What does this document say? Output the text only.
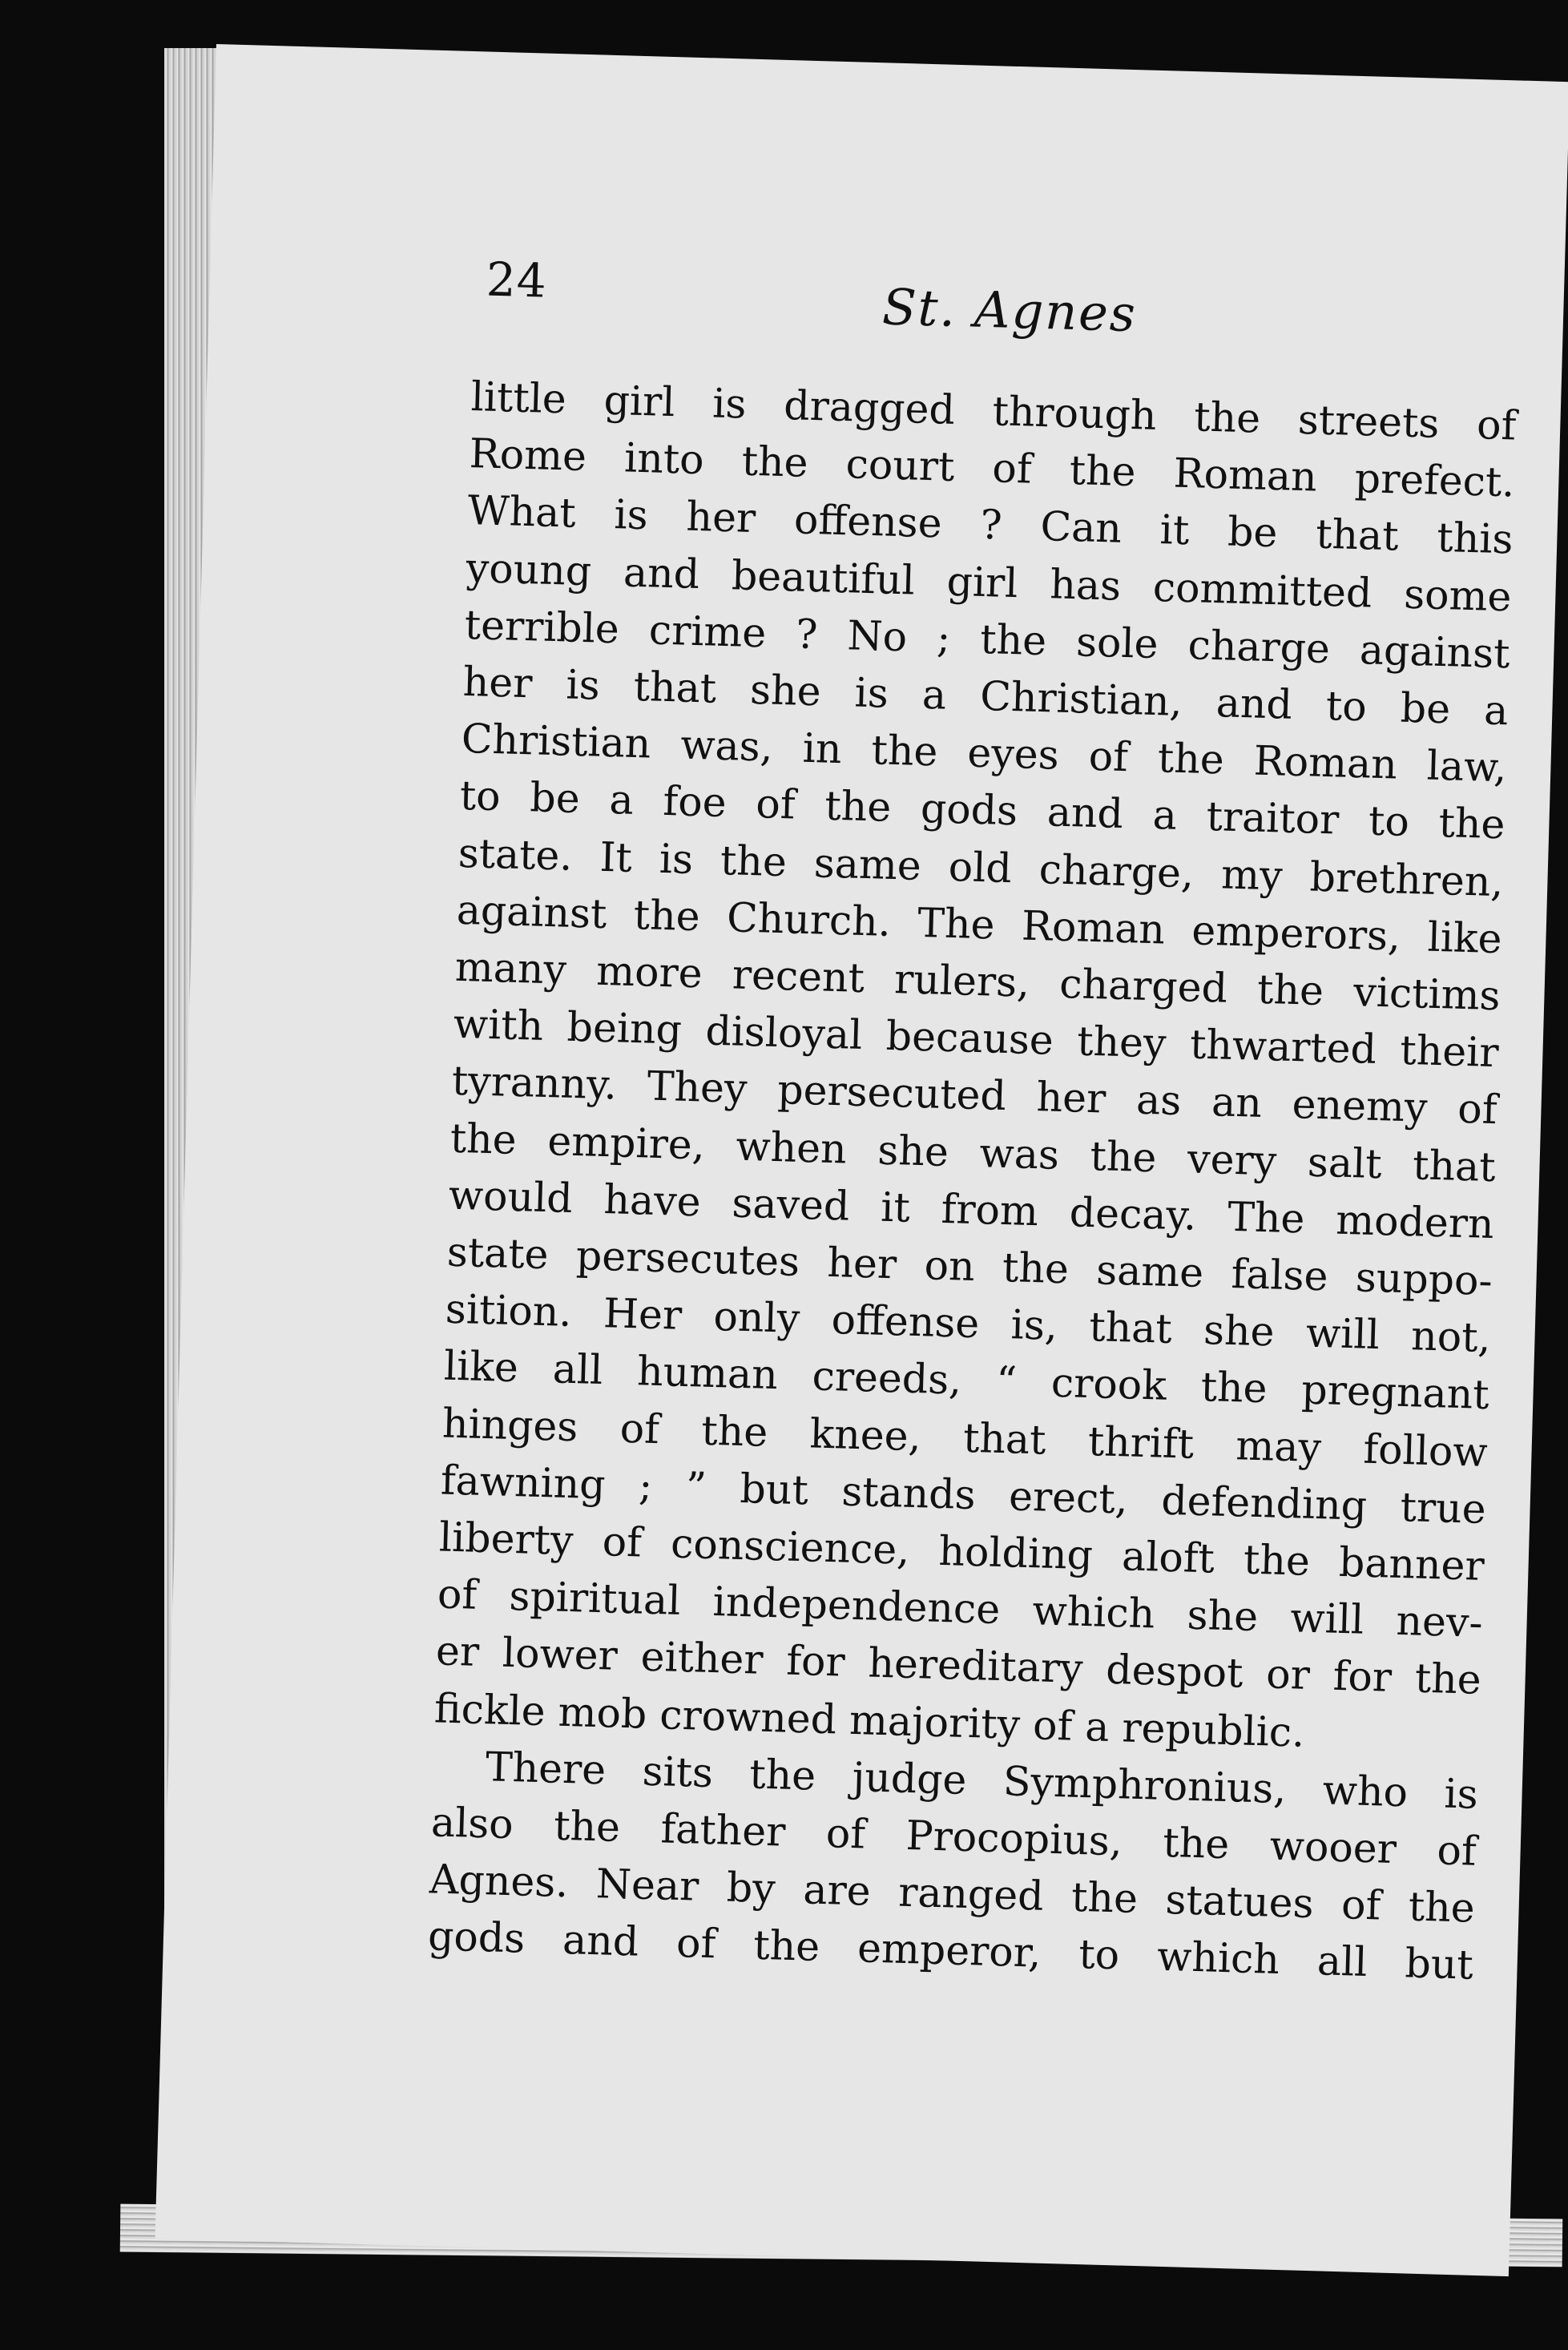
24	St. Agnes
little girl is dragged through the streets of
Rome into the court of the Roman prefect.
What is her offense ? Can it be that this
young and beautiful girl has committed some
terrible crime ? No ; the sole charge against
her is that she is a Christian, and to be a
Christian was, in the eyes of the Roman law,
to be a foe of the gods and a traitor to the
state. It is the same old charge, my brethren,
against the Church. The Roman emperors, like
many more recent rulers, charged the victims
with being disloyal because they thwarted their
tyranny. They persecuted her as an enemy of
the empire, when she was the very salt that
would have saved it from decay. The modern
state persecutes her on the same false suppo-
sition. Her only offense is, that she will not,
like all human creeds, “ crook the pregnant
hinges of the knee, that thrift may follow
fawning ; ” but stands erect, defending true
liberty of conscience, holding aloft the banner
of spiritual independence which she will nev-
er lower either for hereditary despot or for the
fickle mob crowned majority of a republic.
There sits the judge Symphronius, who is
also the father of Procopius, the wooer of
Agnes. Near by are ranged the statues of the
gods and of the emperor, to which all but
